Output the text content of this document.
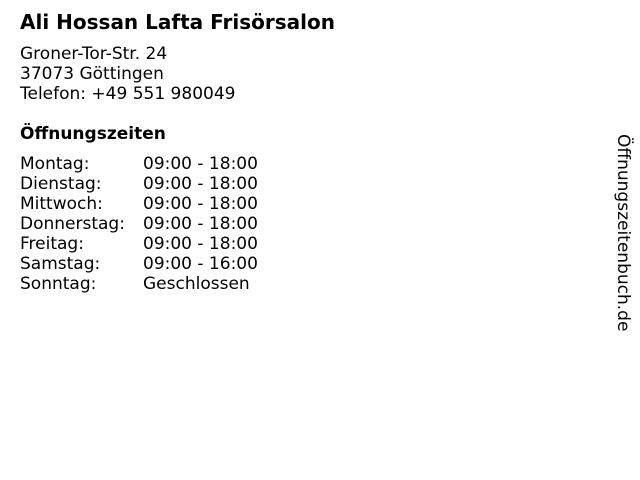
Ali Hossan Lafta Frisörsalon
Groner-Tor-Str. 24
37073 Göttingen
Telefon: +49 551 980049
Öffnungszeiten
Montag:	09:00 - 18:00
Dienstag: 09:00 - 18:00
Mittwoch: 09:00 - 18:00
Donnerstag: 09:00 - 18:00
Freitag:	09:00 - 18:00
Samstag:	09:00 - 16:00
Sonntag:	Geschlossen	Öffnungszeitenbuch.de
